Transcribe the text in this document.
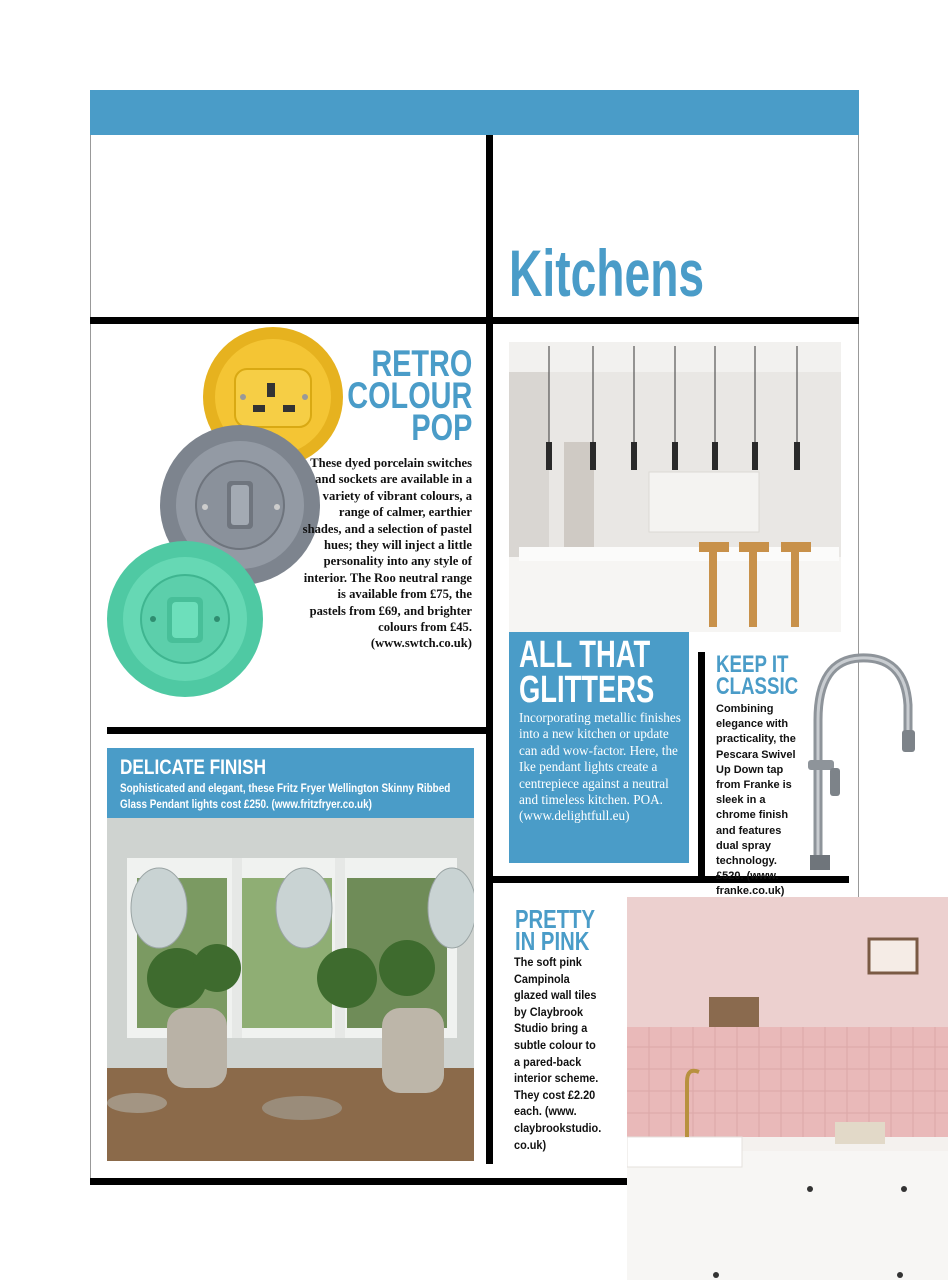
Kitchens
RETRO
COLOUR
POP
These dyed porcelain switches and sockets are available in a variety of vibrant colours, a range of calmer, earthier shades, and a selection of pastel hues; they will inject a little personality into any style of interior. The Roo neutral range is available from £75, the pastels from £69, and brighter colours from £45. (www.swtch.co.uk) ALL THAT
GLITTERS
Incorporating metallic finishes into a new kitchen or update can add wow-factor. Here, the Ike pendant lights create a centrepiece against a neutral and timeless kitchen. POA. (www.delightfull.eu)
KEEP IT
CLASSIC
Combining elegance with practicality, the Pescara Swivel Up Down tap from Franke is sleek in a chrome finish and features dual spray technology. £520. (www. franke.co.uk)
DELICATE FINISH
Sophisticated and elegant, these Fritz Fryer Wellington Skinny Ribbed Glass Pendant lights cost £250. (www.fritzfryer.co.uk)
PRETTY
IN PINK
The soft pink Campinola glazed wall tiles by Claybrook Studio bring a subtle colour to a pared-back interior scheme. They cost £2.20 each. (www. claybrookstudio. co.uk)
